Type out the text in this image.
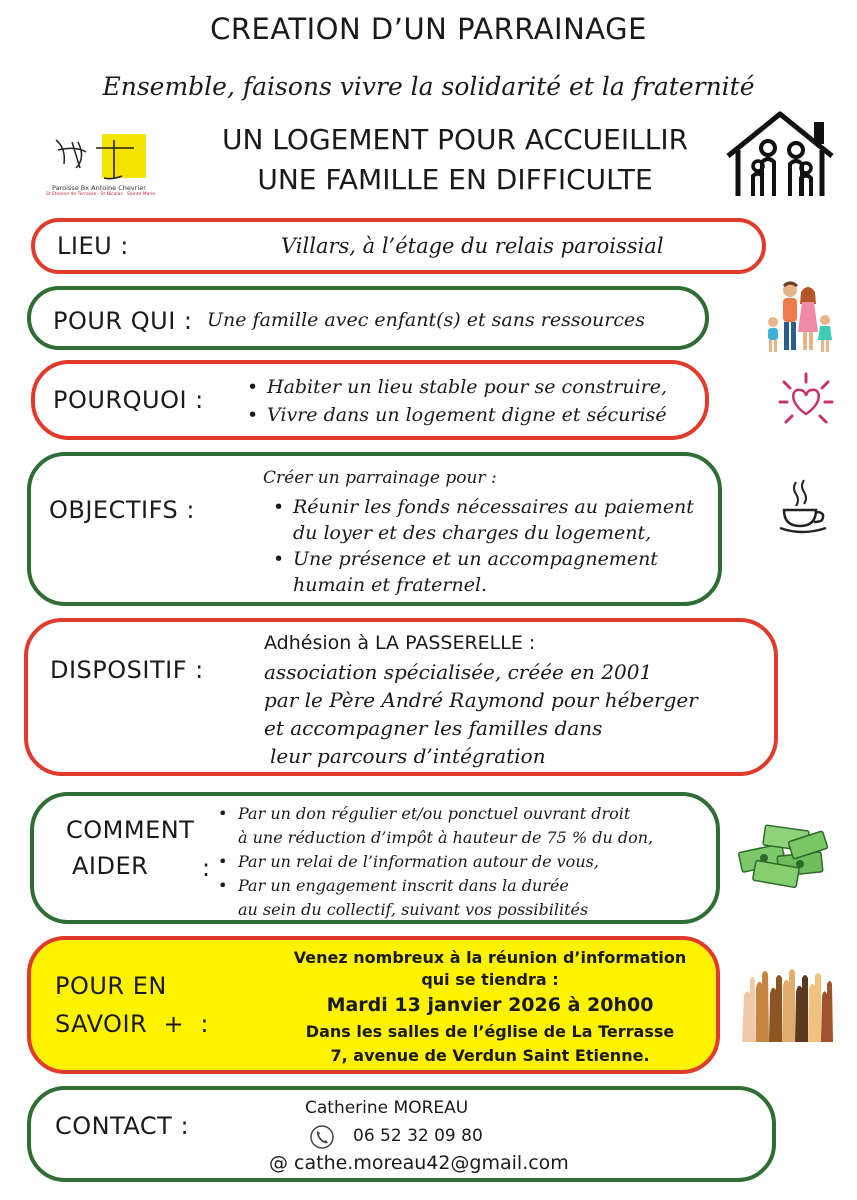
CREATION D’UN PARRAINAGE
Ensemble, faisons vivre la solidarité et la fraternité
UN LOGEMENT POUR ACCUEILLIR
UNE FAMILLE EN DIFFICULTE
Paroisse Bx Antoine Chevrier
St Etienne de Terrasse · St Nicolas · Sainte Marie
LIEU :	Villars, à l’étage du relais paroissial
POUR QUI : Une famille avec enfant(s) et sans ressources
POURQUOI : • Habiter un lieu stable pour se construire,
• Vivre dans un logement digne et sécurisé
OBJECTIFS :
Créer un parrainage pour :
• Réunir les fonds nécessaires au paiement
du loyer et des charges du logement,
• Une présence et un accompagnement
humain et fraternel.
DISPOSITIF :
Adhésion à LA PASSERELLE :
association spécialisée, créée en 2001
par le Père André Raymond pour héberger
et accompagner les familles dans
leur parcours d’intégration
COMMENT
AIDER :
• Par un don régulier et/ou ponctuel ouvrant droit
à une réduction d’impôt à hauteur de 75 % du don,
• Par un relai de l’information autour de vous,
• Par un engagement inscrit dans la durée
au sein du collectif, suivant vos possibilités
POUR EN
SAVOIR  +  :
Venez nombreux à la réunion d’information
qui se tiendra :
Mardi 13 janvier 2026 à 20h00
Dans les salles de l’église de La Terrasse
7, avenue de Verdun Saint Etienne.
CONTACT :
Catherine MOREAU
06 52 32 09 80
@ cathe.moreau42@gmail.com
